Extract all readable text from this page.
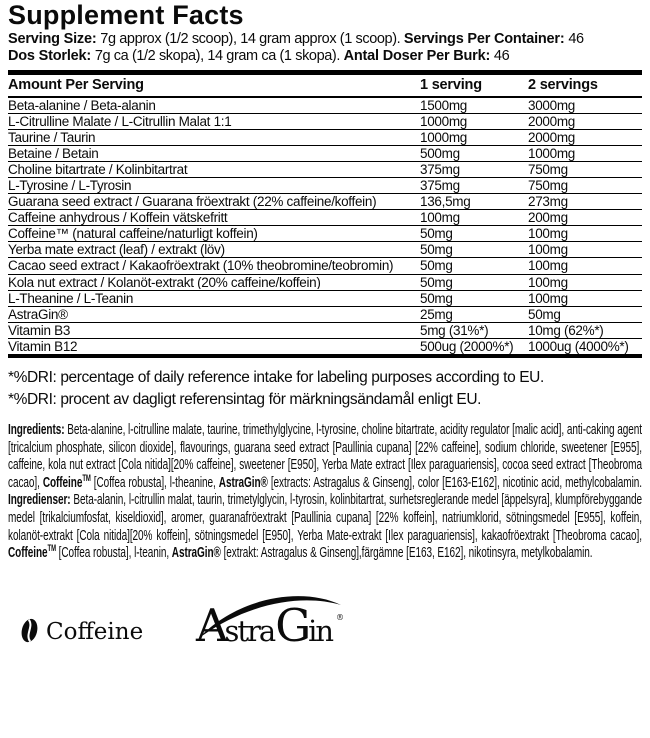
Supplement Facts

Serving Size: 7g approx (1/2 scoop), 14 gram approx (1 scoop). Servings Per Container: 46

Dos Storlek: 7g ca (1/2 skopa), 14 gram ca (1 skopa). Antal Doser Per Burk: 46

Amount Per Serving	1 serving	2 servings
Beta-alanine / Beta-alanin	1500mg	3000mg
L-Citrulline Malate / L-Citrullin Malat 1:1	1000mg	2000mg
Taurine / Taurin	1000mg	2000mg
Betaine / Betain	500mg	1000mg
Choline bitartrate / Kolinbitartrat	375mg	750mg
L-Tyrosine / L-Tyrosin	375mg	750mg
Guarana seed extract / Guarana fröextrakt (22% caffeine/koffein)	136,5mg	273mg
Caffeine anhydrous / Koffein vätskefritt	100mg	200mg
Coffeine™ (natural caffeine/naturligt koffein)	50mg	100mg
Yerba mate extract (leaf) / extrakt (löv)	50mg	100mg
Cacao seed extract / Kakaofröextrakt (10% theobromine/teobromin)	50mg	100mg
Kola nut extract / Kolanöt-extrakt (20% caffeine/koffein)	50mg	100mg
L-Theanine / L-Teanin	50mg	100mg
AstraGin®	25mg	50mg
Vitamin B3	5mg (31%*)	10mg (62%*)
Vitamin B12	500ug (2000%*)	1000ug (4000%*)

*%DRI: percentage of daily reference intake for labeling purposes according to EU.

*%DRI: procent av dagligt referensintag för märkningsändamål enligt EU.

Ingredients: Beta-alanine, l-citrulline malate, taurine, trimethylglycine, l-tyrosine, choline bitartrate, acidity regulator [malic acid], anti-caking agent [tricalcium phosphate, silicon dioxide], flavourings, guarana seed extract [Paullinia cupana] [22% caffeine], sodium chloride, sweetener [E955], caffeine, kola nut extract [Cola nitida][20% caffeine], sweetener [E950], Yerba Mate extract [Ilex paraguariensis], cocoa seed extract [Theobroma cacao], Coffeine™ [Coffea robusta], l-theanine, AstraGin® [extracts: Astragalus & Ginseng], color [E163-E162], nicotinic acid, methylcobalamin. Ingredienser: Beta-alanin, l-citrullin malat, taurin, trimetylglycin, l-tyrosin, kolinbitartrat, surhetsreglerande medel [äppelsyra], klumpförebyggande medel [trikalciumfosfat, kiseldioxid], aromer, guaranafröextrakt [Paullinia cupana] [22% koffein], natriumklorid, sötningsmedel [E955], koffein, kolanöt-extrakt [Cola nitida][20% koffein], sötningsmedel [E950], Yerba Mate-extrakt [Ilex paraguariensis], kakaofröextrakt [Theobroma cacao], Coffeine™ [Coffea robusta], l-teanin, AstraGin® [extrakt: Astragalus & Ginseng],färgämne [E163, E162], nikotinsyra, metylkobalamin.

Coffeine AstraGin ®
